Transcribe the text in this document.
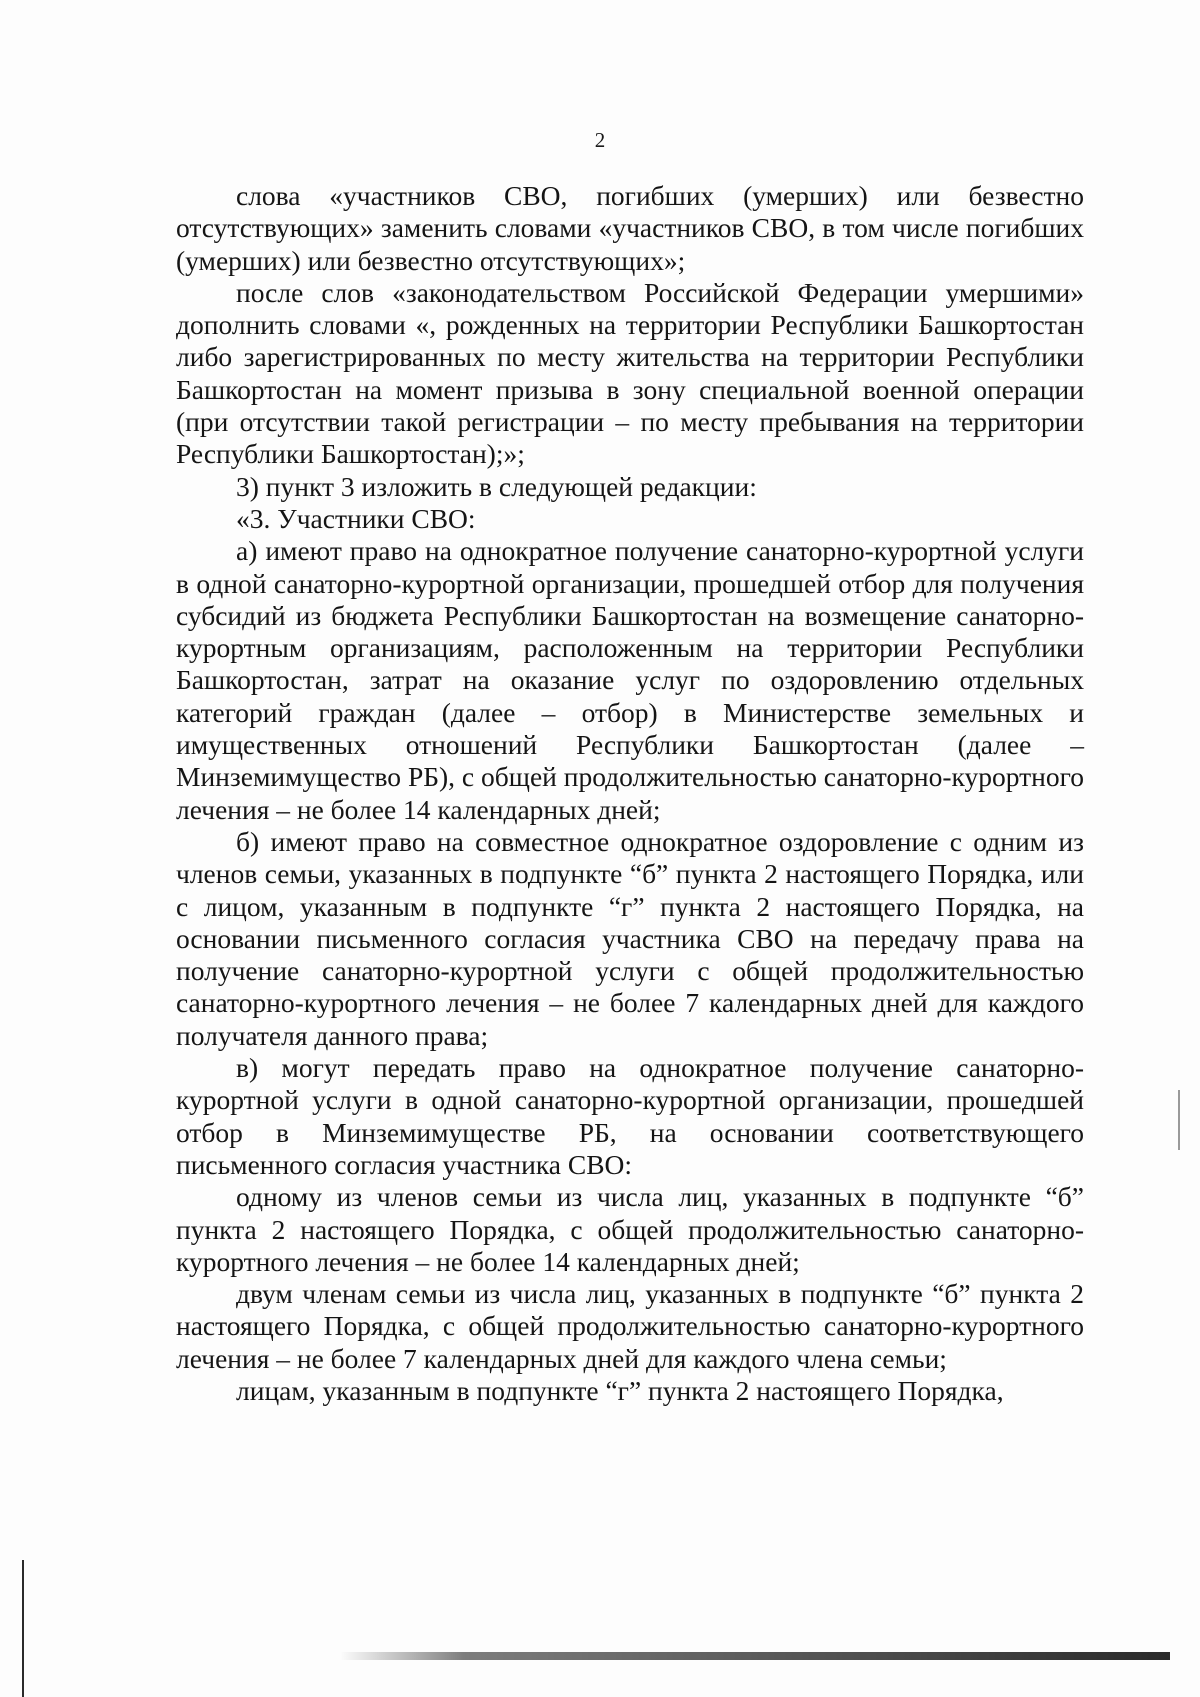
2

слова «участников СВО, погибших (умерших) или безвестно отсутствующих» заменить словами «участников СВО, в том числе погибших (умерших) или безвестно отсутствующих»;

после слов «законодательством Российской Федерации умершими» дополнить словами «, рожденных на территории Республики Башкортостан либо зарегистрированных по месту жительства на территории Республики Башкортостан на момент призыва в зону специальной военной операции (при отсутствии такой регистрации – по месту пребывания на территории Республики Башкортостан);»;

3) пункт 3 изложить в следующей редакции:

«3. Участники СВО:

а) имеют право на однократное получение санаторно-курортной услуги в одной санаторно-курортной организации, прошедшей отбор для получения субсидий из бюджета Республики Башкортостан на возмещение санаторно-курортным организациям, расположенным на территории Республики Башкортостан, затрат на оказание услуг по оздоровлению отдельных категорий граждан (далее – отбор) в Министерстве земельных и имущественных отношений Республики Башкортостан (далее – Минземимущество РБ), с общей продолжительностью санаторно-курортного лечения – не более 14 календарных дней;

б) имеют право на совместное однократное оздоровление с одним из членов семьи, указанных в подпункте “б” пункта 2 настоящего Порядка, или с лицом, указанным в подпункте “г” пункта 2 настоящего Порядка, на основании письменного согласия участника СВО на передачу права на получение санаторно-курортной услуги с общей продолжительностью санаторно-курортного лечения – не более 7 календарных дней для каждого получателя данного права;

в) могут передать право на однократное получение санаторно-курортной услуги в одной санаторно-курортной организации, прошедшей отбор в Минземимуществе РБ, на основании соответствующего письменного согласия участника СВО:

одному из членов семьи из числа лиц, указанных в подпункте “б” пункта 2 настоящего Порядка, с общей продолжительностью санаторно-курортного лечения – не более 14 календарных дней;

двум членам семьи из числа лиц, указанных в подпункте “б” пункта 2 настоящего Порядка, с общей продолжительностью санаторно-курортного лечения – не более 7 календарных дней для каждого члена семьи;

лицам, указанным в подпункте “г” пункта 2 настоящего Порядка,
